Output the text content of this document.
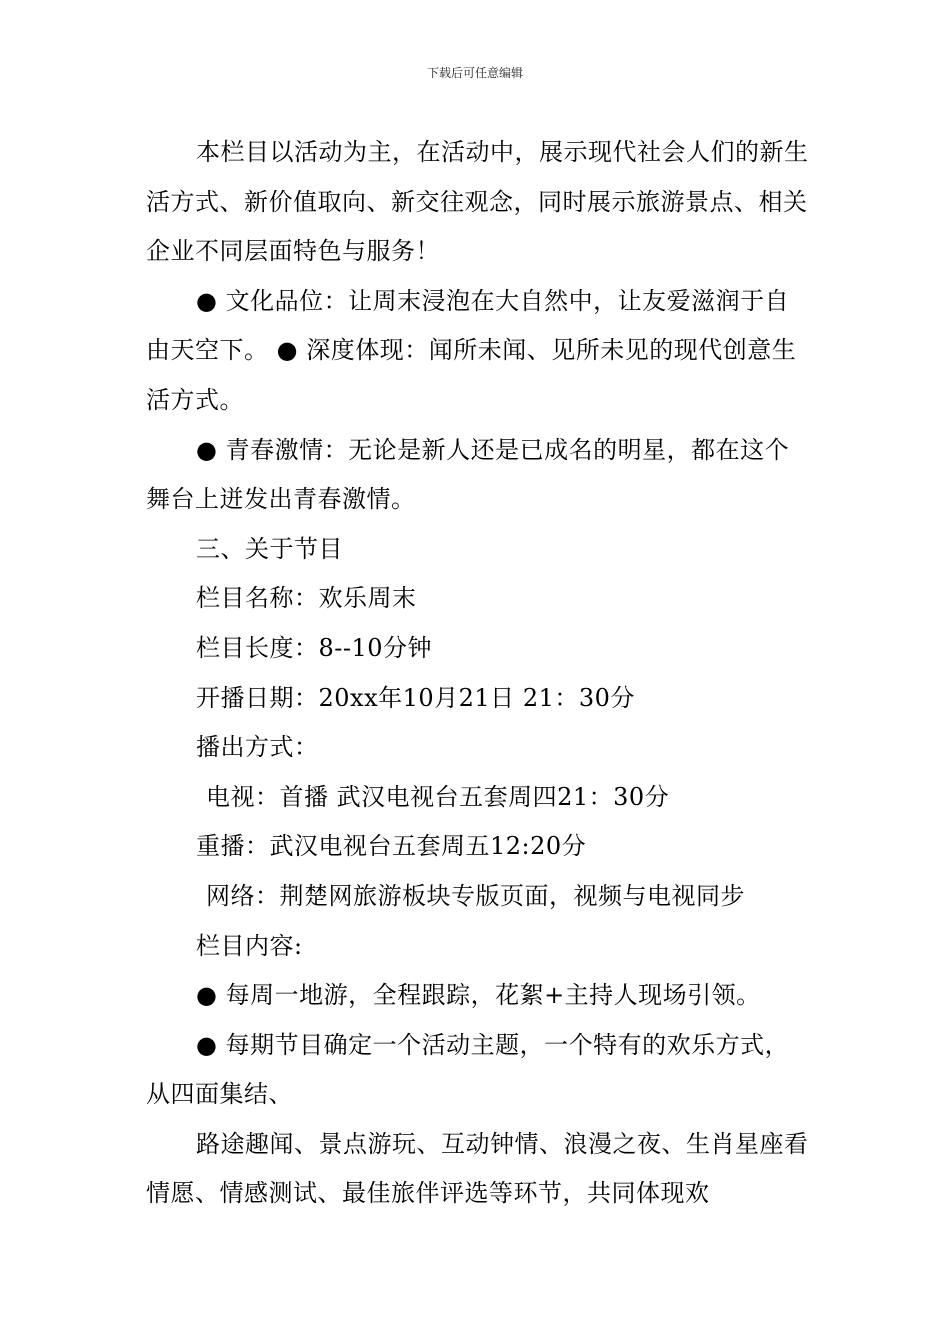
下载后可任意编辑

本栏目以活动为主，在活动中，展示现代社会人们的新生活方式、新价值取向、新交往观念，同时展示旅游景点、相关企业不同层面特色与服务！

● 文化品位：让周末浸泡在大自然中，让友爱滋润于自由天空下。 ● 深度体现：闻所未闻、见所未见的现代创意生活方式。

● 青春激情：无论是新人还是已成名的明星，都在这个舞台上迸发出青春激情。

三、关于节目

栏目名称：欢乐周末

栏目长度：8--10分钟

开播日期：20xx年10月21日 21：30分

播出方式：

电视：首播 武汉电视台五套周四21：30分

重播：武汉电视台五套周五12:20分

网络：荆楚网旅游板块专版页面，视频与电视同步

栏目内容:

● 每周一地游，全程跟踪，花絮+主持人现场引领。

● 每期节目确定一个活动主题，一个特有的欢乐方式，从四面集结、

路途趣闻、景点游玩、互动钟情、浪漫之夜、生肖星座看情愿、情感测试、最佳旅伴评选等环节，共同体现欢
